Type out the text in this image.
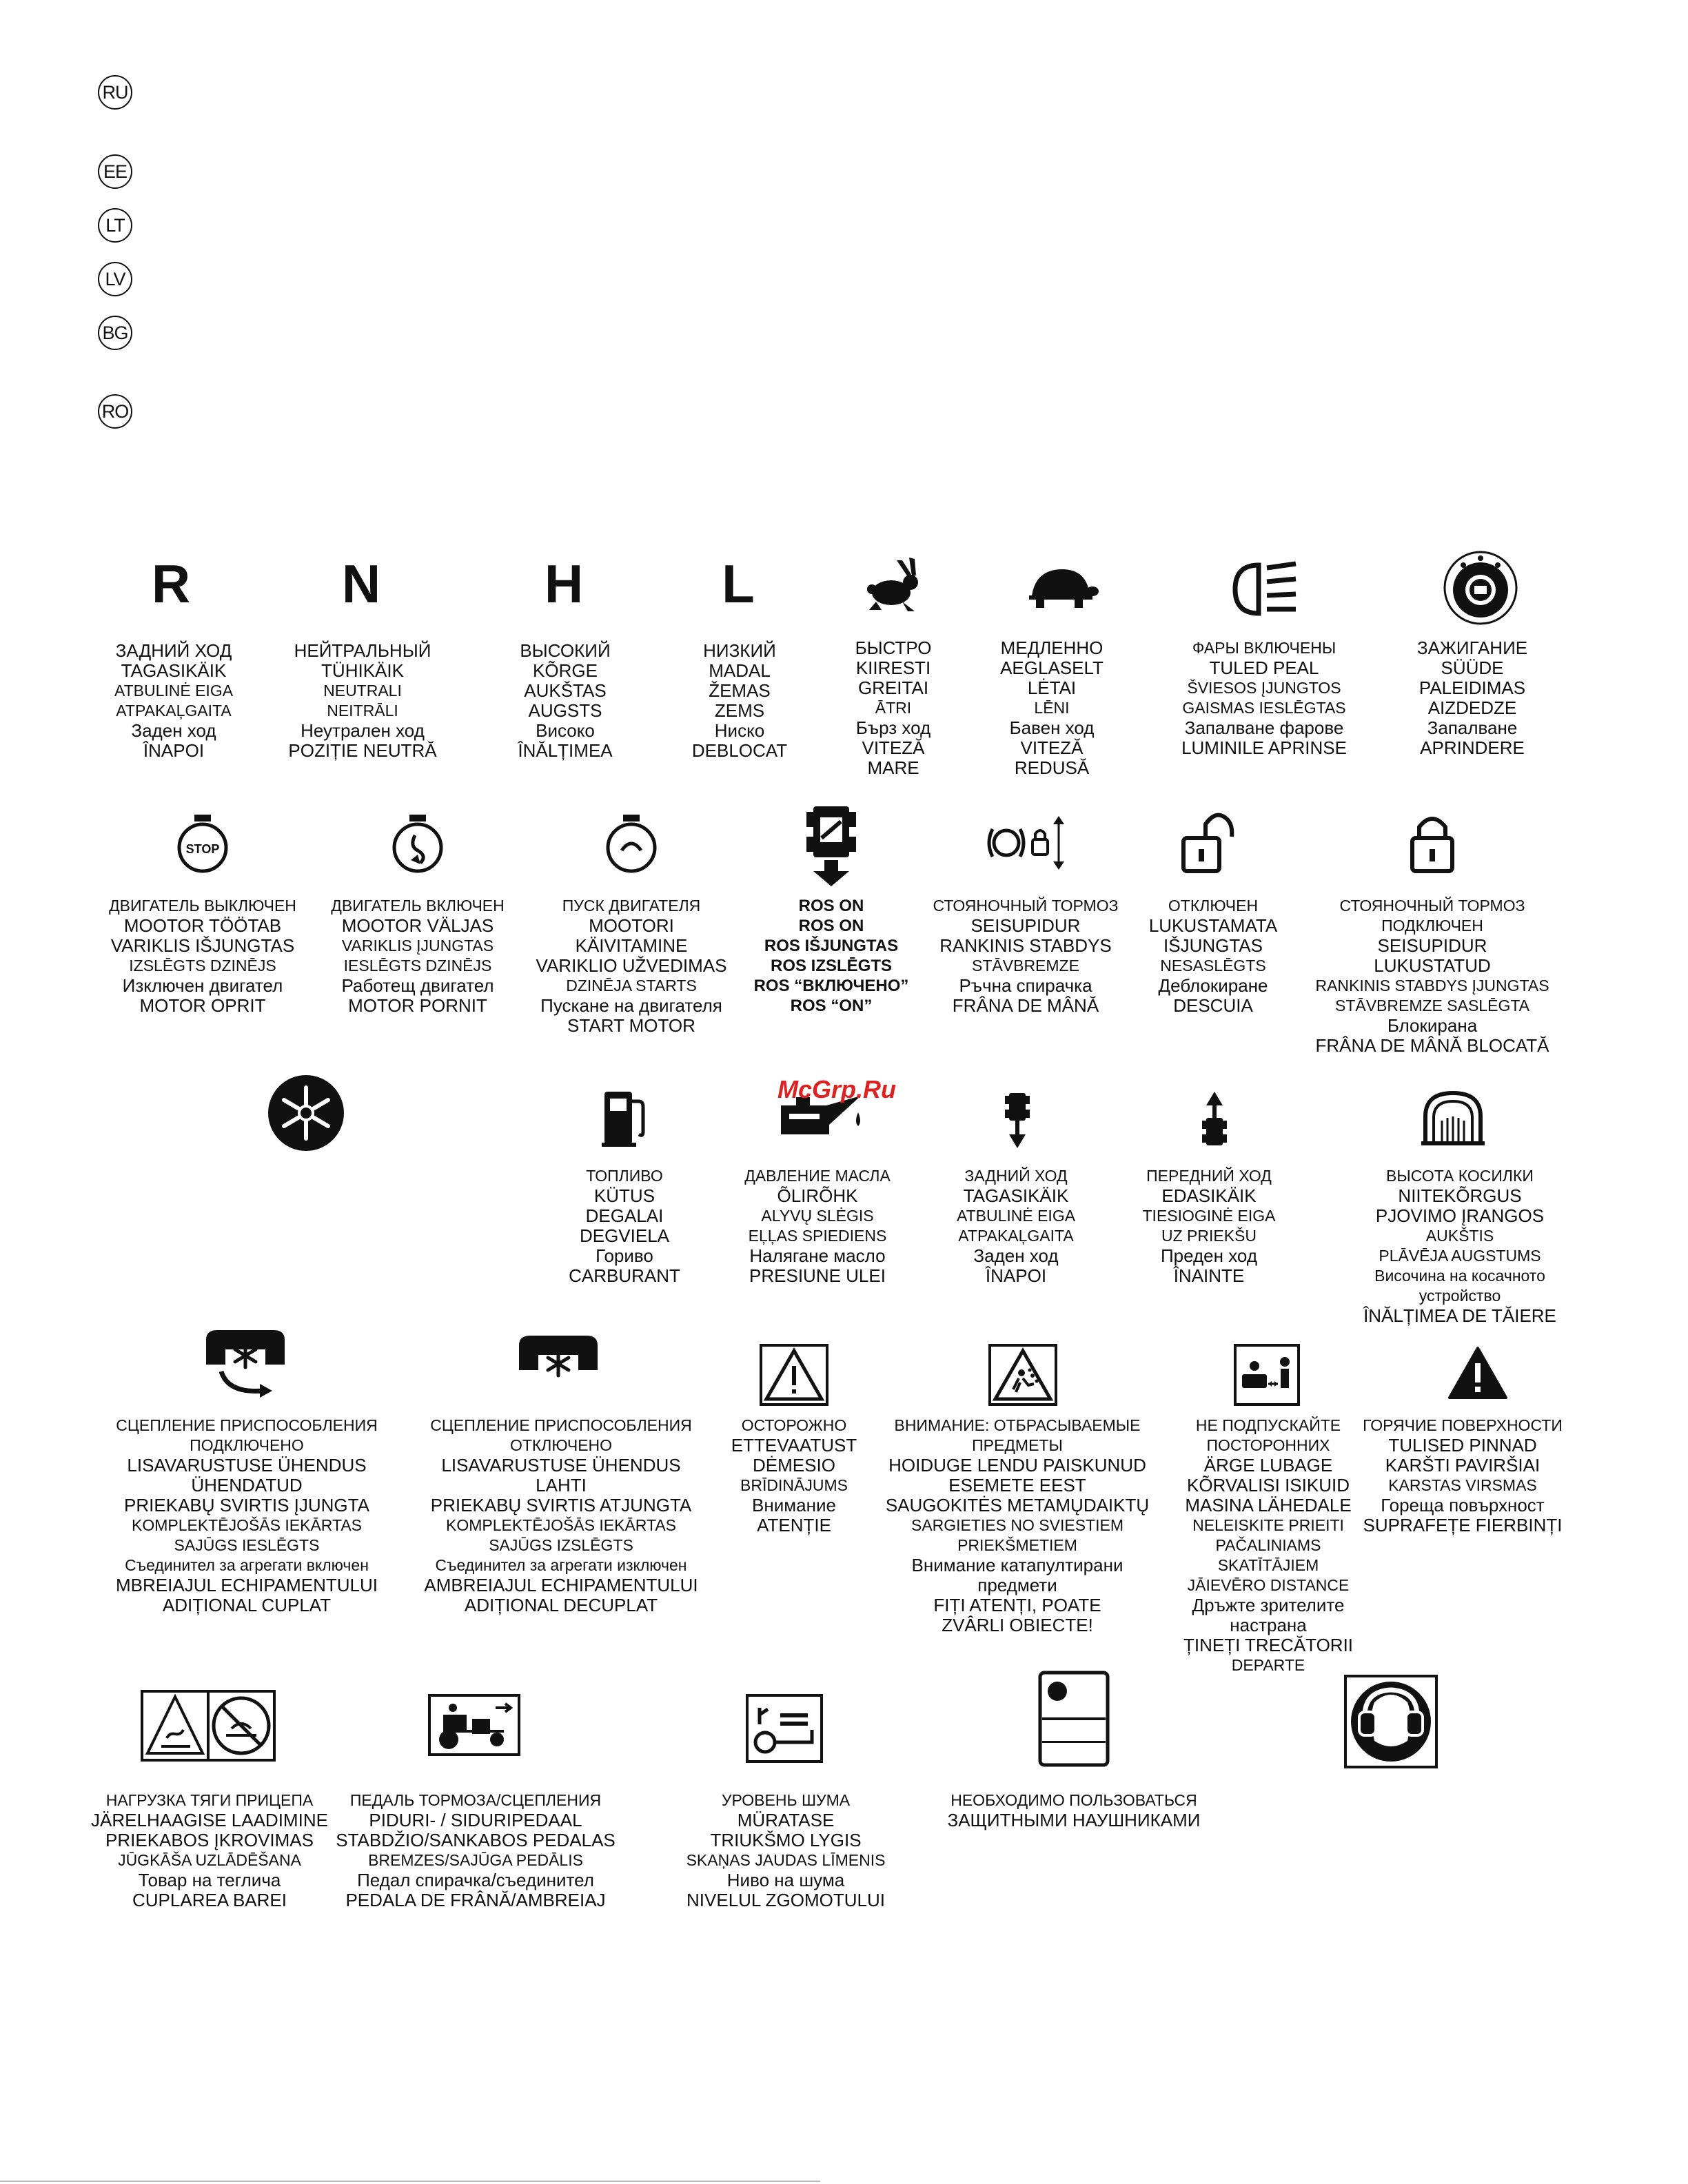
RU
EE
LT
LV
BG
RO
R	N	H	L
ЗАДНИЙ ХОД
TAGASIKÄIK
ATBULINĖ EIGA
ATPAKAĻGAITA
Заден ход
ÎNAPOI
НЕЙТРАЛЬНЫЙ
TÜHIKÄIK
NEUTRALI
NEITRĀLI
Неутрален ход
POZIȚIE NEUTRĂ
ВЫСОКИЙ
KÕRGE
AUKŠTAS
AUGSTS
Високо
ÎNĂLȚIMEA
НИЗКИЙ
MADAL
ŽEMAS
ZEMS
Ниско
DEBLOCAT
БЫСТРО
KIIRESTI
GREITAI
ĀTRI
Бърз ход
VITEZĂ
MARE
МЕДЛЕННО
AEGLASELT
LĖTAI
LĒNI
Бавен ход
VITEZĂ
REDUSĂ
ФАРЫ ВКЛЮЧЕНЫ
TULED PEAL
ŠVIESOS ĮJUNGTOS
GAISMAS IESLĒGTAS
Запалване фарове
LUMINILE APRINSE
ЗАЖИГАНИЕ
SÜÜDE
PALEIDIMAS
AIZDEDZE
Запалване
APRINDERE
STOP
ДВИГАТЕЛЬ ВЫКЛЮЧЕН
MOOTOR TÖÖTAB
VARIKLIS IŠJUNGTAS
IZSLĒGTS DZINĒJS
Изключен двигател
MOTOR OPRIT
ДВИГАТЕЛЬ ВКЛЮЧЕН
MOOTOR VÄLJAS
VARIKLIS ĮJUNGTAS
IESLĒGTS DZINĒJS
Работещ двигател
MOTOR PORNIT
ПУСК ДВИГАТЕЛЯ
MOOTORI
KÄIVITAMINE
VARIKLIO UŽVEDIMAS
DZINĒJA STARTS
Пускане на двигателя
START MOTOR
ROS ON
ROS ON
ROS IŠJUNGTAS
ROS IZSLĒGTS
ROS “ВКЛЮЧЕНО”
ROS “ON”
СТОЯНОЧНЫЙ ТОРМОЗ
SEISUPIDUR
RANKINIS STABDYS
STĀVBREMZE
Ръчна спирачка
FRÂNA DE MÂNĂ
ОТКЛЮЧЕН
LUKUSTAMATA
IŠJUNGTAS
NESASLĒGTS
Деблокиране
DESCUIA
СТОЯНОЧНЫЙ ТОРМОЗ
ПОДКЛЮЧЕН
SEISUPIDUR
LUKUSTATUD
RANKINIS STABDYS ĮJUNGTAS
STĀVBREMZE SASLĒGTA
Блокирана
FRÂNA DE MÂNĂ BLOCATĂ
ТОПЛИВО
KÜTUS
DEGALAI
DEGVIELA
Гориво
CARBURANT
ДАВЛЕНИЕ МАСЛА
ÕLIRÕHK
ALYVŲ SLĖGIS
EĻĻAS SPIEDIENS
Налягане масло
PRESIUNE ULEI
ЗАДНИЙ ХОД
TAGASIKÄIK
ATBULINĖ EIGA
ATPAKAĻGAITA
Заден ход
ÎNAPOI
ПЕРЕДНИЙ ХОД
EDASIKÄIK
TIESIOGINĖ EIGA
UZ PRIEKŠU
Преден ход
ÎNAINTE
ВЫСОТА КОСИЛКИ
NIITEKÕRGUS
PJOVIMO ĮRANGOS
AUKŠTIS
PLĀVĒJA AUGSTUMS
Височина на косачното
устройство
ÎNĂLȚIMEA DE TĂIERE
СЦЕПЛЕНИЕ ПРИСПОСОБЛЕНИЯ
ПОДКЛЮЧЕНО
LISAVARUSTUSE ÜHENDUS
ÜHENDATUD
PRIEKABŲ SVIRTIS ĮJUNGTA
KOMPLEKTĒJOŠĀS IEKĀRTAS
SAJŪGS IESLĒGTS
Съединител за агрегати включен
MBREIAJUL ECHIPAMENTULUI
ADIȚIONAL CUPLAT
СЦЕПЛЕНИЕ ПРИСПОСОБЛЕНИЯ
ОТКЛЮЧЕНО
LISAVARUSTUSE ÜHENDUS
LAHTI
PRIEKABŲ SVIRTIS ATJUNGTA
KOMPLEKTĒJOŠĀS IEKĀRTAS
SAJŪGS IZSLĒGTS
Съединител за агрегати изключен
AMBREIAJUL ECHIPAMENTULUI
ADIȚIONAL DECUPLAT
ОСТОРОЖНО
ETTEVAATUST
DĖMESIO
BRĪDINĀJUMS
Внимание
ATENȚIE
ВНИМАНИЕ: ОТБРАСЫВАЕМЫЕ
ПРЕДМЕТЫ
HOIDUGE LENDU PAISKUNUD
ESEMETE EEST
SAUGOKITĖS METAMŲDAIKTŲ
SARGIETIES NO SVIESTIEM
PRIEKŠMETIEM
Внимание катапултирани
предмети
FIȚI ATENȚI, POATE
ZVÂRLI OBIECTE!
НЕ ПОДПУСКАЙТЕ
ПОСТОРОННИХ
ÄRGE LUBAGE
KÕRVALISI ISIKUID
MASINA LÄHEDALE
NELEISKITE PRIEITI
PAČALINIAMS
SKATĪTĀJIEM
JĀIEVĒRO DISTANCE
Дръжте зрителите
настрана
ȚINEȚI TRECĂTORII
DEPARTE
ГОРЯЧИЕ ПОВЕРХНОСТИ
TULISED PINNAD
KARŠTI PAVIRŠIAI
KARSTAS VIRSMAS
Гореща повърхност
SUPRAFEȚE FIERBINȚI
НАГРУЗКА ТЯГИ ПРИЦЕПА
JÄRELHAAGISE LAADIMINE
PRIEKABOS ĮKROVIMAS
JŪGKĀŠA UZLĀDĒŠANA
Товар на теглича
CUPLAREA BAREI
ПЕДАЛЬ ТОРМОЗА/СЦЕПЛЕНИЯ
PIDURI- / SIDURIPEDAAL
STABDŽIO/SANKABOS PEDALAS
BREMZES/SAJŪGA PEDĀLIS
Педал спирачка/съединител
PEDALA DE FRÂNĂ/AMBREIAJ
УРОВЕНЬ ШУМА
MÜRATASE
TRIUKŠMO LYGIS
SKAŅAS JAUDAS LĪMENIS
Ниво на шума
NIVELUL ZGOMOTULUI
НЕОБХОДИМО ПОЛЬЗОВАТЬСЯ
ЗАЩИТНЫМИ НАУШНИКАМИ
McGrp.Ru
